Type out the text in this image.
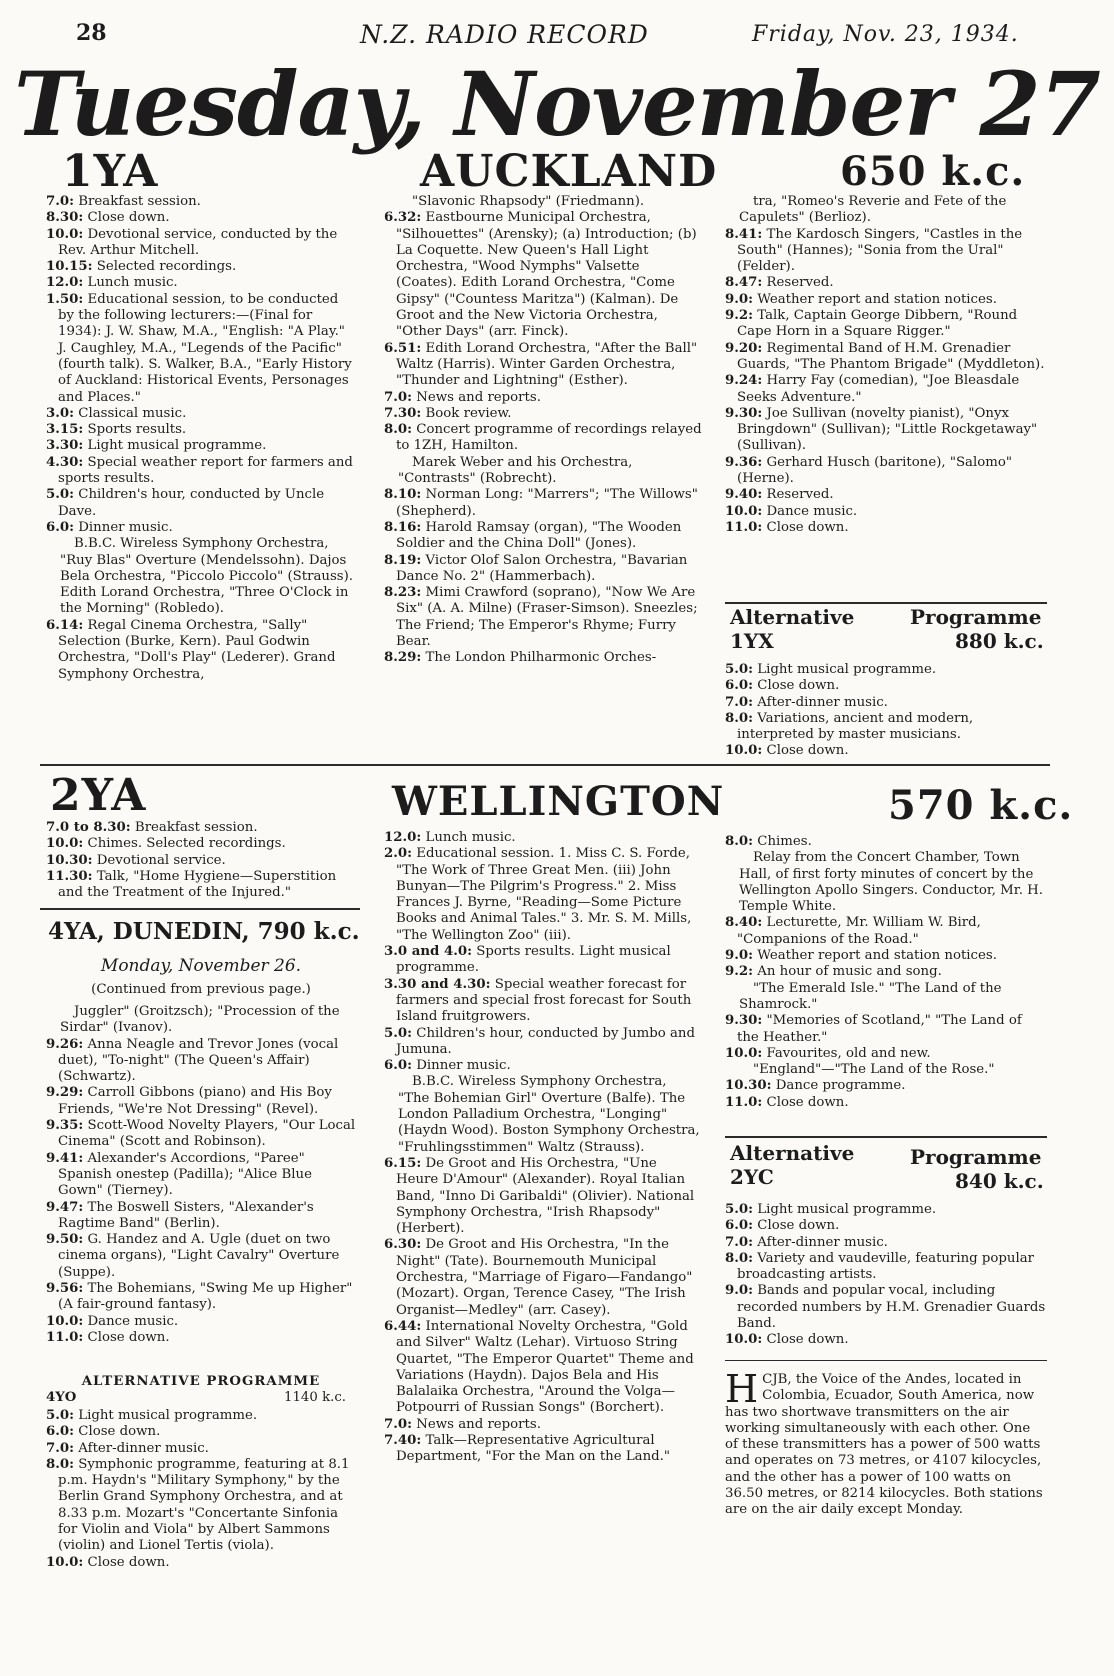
28	N.Z. RADIO RECORD	Friday, Nov. 23, 1934.
Tuesday, November 27
1YA	AUCKLAND	650 k.c.

7.0: Breakfast session.

8.30: Close down.

10.0: Devotional service, conducted by the Rev. Arthur Mitchell.

10.15: Selected recordings.

12.0: Lunch music.

1.50: Educational session, to be conducted by the following lecturers:—(Final for 1934): J. W. Shaw, M.A., "English: "A Play." J. Caughley, M.A., "Legends of the Pacific" (fourth talk). S. Walker, B.A., "Early History of Auckland: Historical Events, Personages and Places."

3.0: Classical music.

3.15: Sports results.

3.30: Light musical programme.

4.30: Special weather report for farmers and sports results.

5.0: Children's hour, conducted by Uncle Dave.

6.0: Dinner music.

B.B.C. Wireless Symphony Orchestra, "Ruy Blas" Overture (Mendelssohn). Dajos Bela Orchestra, "Piccolo Piccolo" (Strauss). Edith Lorand Orchestra, "Three O'Clock in the Morning" (Robledo).

6.14: Regal Cinema Orchestra, "Sally" Selection (Burke, Kern). Paul Godwin Orchestra, "Doll's Play" (Lederer). Grand Symphony Orchestra,

"Slavonic Rhapsody" (Friedmann).

6.32: Eastbourne Municipal Orchestra, "Silhouettes" (Arensky); (a) Introduction; (b) La Coquette. New Queen's Hall Light Orchestra, "Wood Nymphs" Valsette (Coates). Edith Lorand Orchestra, "Come Gipsy" ("Countess Maritza") (Kalman). De Groot and the New Victoria Orchestra, "Other Days" (arr. Finck).

6.51: Edith Lorand Orchestra, "After the Ball" Waltz (Harris). Winter Garden Orchestra, "Thunder and Lightning" (Esther).

7.0: News and reports.

7.30: Book review.

8.0: Concert programme of recordings relayed to 1ZH, Hamilton.

Marek Weber and his Orchestra, "Contrasts" (Robrecht).

8.10: Norman Long: "Marrers"; "The Willows" (Shepherd).

8.16: Harold Ramsay (organ), "The Wooden Soldier and the China Doll" (Jones).

8.19: Victor Olof Salon Orchestra, "Bavarian Dance No. 2" (Hammerbach).

8.23: Mimi Crawford (soprano), "Now We Are Six" (A. A. Milne) (Fraser-Simson). Sneezles; The Friend; The Emperor's Rhyme; Furry Bear.

8.29: The London Philharmonic Orches-

tra, "Romeo's Reverie and Fete of the Capulets" (Berlioz).

8.41: The Kardosch Singers, "Castles in the South" (Hannes); "Sonia from the Ural" (Felder).

8.47: Reserved.

9.0: Weather report and station notices.

9.2: Talk, Captain George Dibbern, "Round Cape Horn in a Square Rigger."

9.20: Regimental Band of H.M. Grenadier Guards, "The Phantom Brigade" (Myddleton).

9.24: Harry Fay (comedian), "Joe Bleasdale Seeks Adventure."

9.30: Joe Sullivan (novelty pianist), "Onyx Bringdown" (Sullivan); "Little Rockgetaway" (Sullivan).

9.36: Gerhard Husch (baritone), "Salomo" (Herne).

9.40: Reserved.

10.0: Dance music.

11.0: Close down.

Alternative	Programme
1YX	880 k.c.

5.0: Light musical programme.

6.0: Close down.

7.0: After-dinner music.

8.0: Variations, ancient and modern, interpreted by master musicians.

10.0: Close down.

2YA	WELLINGTON	570 k.c.

7.0 to 8.30: Breakfast session.

10.0: Chimes. Selected recordings.

10.30: Devotional service.

11.30: Talk, "Home Hygiene—Superstition and the Treatment of the Injured."

4YA, DUNEDIN, 790 k.c.
Monday, November 26.
(Continued from previous page.)

Juggler" (Groitzsch); "Procession of the Sirdar" (Ivanov).

9.26: Anna Neagle and Trevor Jones (vocal duet), "To-night" (The Queen's Affair) (Schwartz).

9.29: Carroll Gibbons (piano) and His Boy Friends, "We're Not Dressing" (Revel).

9.35: Scott-Wood Novelty Players, "Our Local Cinema" (Scott and Robinson).

9.41: Alexander's Accordions, "Paree" Spanish onestep (Padilla); "Alice Blue Gown" (Tierney).

9.47: The Boswell Sisters, "Alexander's Ragtime Band" (Berlin).

9.50: G. Handez and A. Ugle (duet on two cinema organs), "Light Cavalry" Overture (Suppe).

9.56: The Bohemians, "Swing Me up Higher" (A fair-ground fantasy).

10.0: Dance music.

11.0: Close down.

ALTERNATIVE PROGRAMME
4YO	1140 k.c.

5.0: Light musical programme.

6.0: Close down.

7.0: After-dinner music.

8.0: Symphonic programme, featuring at 8.1 p.m. Haydn's "Military Symphony," by the Berlin Grand Symphony Orchestra, and at 8.33 p.m. Mozart's "Concertante Sinfonia for Violin and Viola" by Albert Sammons (violin) and Lionel Tertis (viola).

10.0: Close down.

12.0: Lunch music.

2.0: Educational session. 1. Miss C. S. Forde, "The Work of Three Great Men. (iii) John Bunyan—The Pilgrim's Progress." 2. Miss Frances J. Byrne, "Reading—Some Picture Books and Animal Tales." 3. Mr. S. M. Mills, "The Wellington Zoo" (iii).

3.0 and 4.0: Sports results. Light musical programme.

3.30 and 4.30: Special weather forecast for farmers and special frost forecast for South Island fruitgrowers.

5.0: Children's hour, conducted by Jumbo and Jumuna.

6.0: Dinner music.

B.B.C. Wireless Symphony Orchestra, "The Bohemian Girl" Overture (Balfe). The London Palladium Orchestra, "Longing" (Haydn Wood). Boston Symphony Orchestra, "Fruhlingsstimmen" Waltz (Strauss).

6.15: De Groot and His Orchestra, "Une Heure D'Amour" (Alexander). Royal Italian Band, "Inno Di Garibaldi" (Olivier). National Symphony Orchestra, "Irish Rhapsody" (Herbert).

6.30: De Groot and His Orchestra, "In the Night" (Tate). Bournemouth Municipal Orchestra, "Marriage of Figaro—Fandango" (Mozart). Organ, Terence Casey, "The Irish Organist—Medley" (arr. Casey).

6.44: International Novelty Orchestra, "Gold and Silver" Waltz (Lehar). Virtuoso String Quartet, "The Emperor Quartet" Theme and Variations (Haydn). Dajos Bela and His Balalaika Orchestra, "Around the Volga—Potpourri of Russian Songs" (Borchert).

7.0: News and reports.

7.40: Talk—Representative Agricultural Department, "For the Man on the Land."

8.0: Chimes.

Relay from the Concert Chamber, Town Hall, of first forty minutes of concert by the Wellington Apollo Singers. Conductor, Mr. H. Temple White.

8.40: Lecturette, Mr. William W. Bird, "Companions of the Road."

9.0: Weather report and station notices.

9.2: An hour of music and song.

"The Emerald Isle." "The Land of the Shamrock."

9.30: "Memories of Scotland," "The Land of the Heather."

10.0: Favourites, old and new.

"England"—"The Land of the Rose."

10.30: Dance programme.

11.0: Close down.

Alternative	Programme
2YC	840 k.c.

5.0: Light musical programme.

6.0: Close down.

7.0: After-dinner music.

8.0: Variety and vaudeville, featuring popular broadcasting artists.

9.0: Bands and popular vocal, including recorded numbers by H.M. Grenadier Guards Band.

10.0: Close down.

HCJB, the Voice of the Andes, located in Colombia, Ecuador, South America, now has two shortwave transmitters on the air working simultaneously with each other. One of these transmitters has a power of 500 watts and operates on 73 metres, or 4107 kilocycles, and the other has a power of 100 watts on 36.50 metres, or 8214 kilocycles. Both stations are on the air daily except Monday.
